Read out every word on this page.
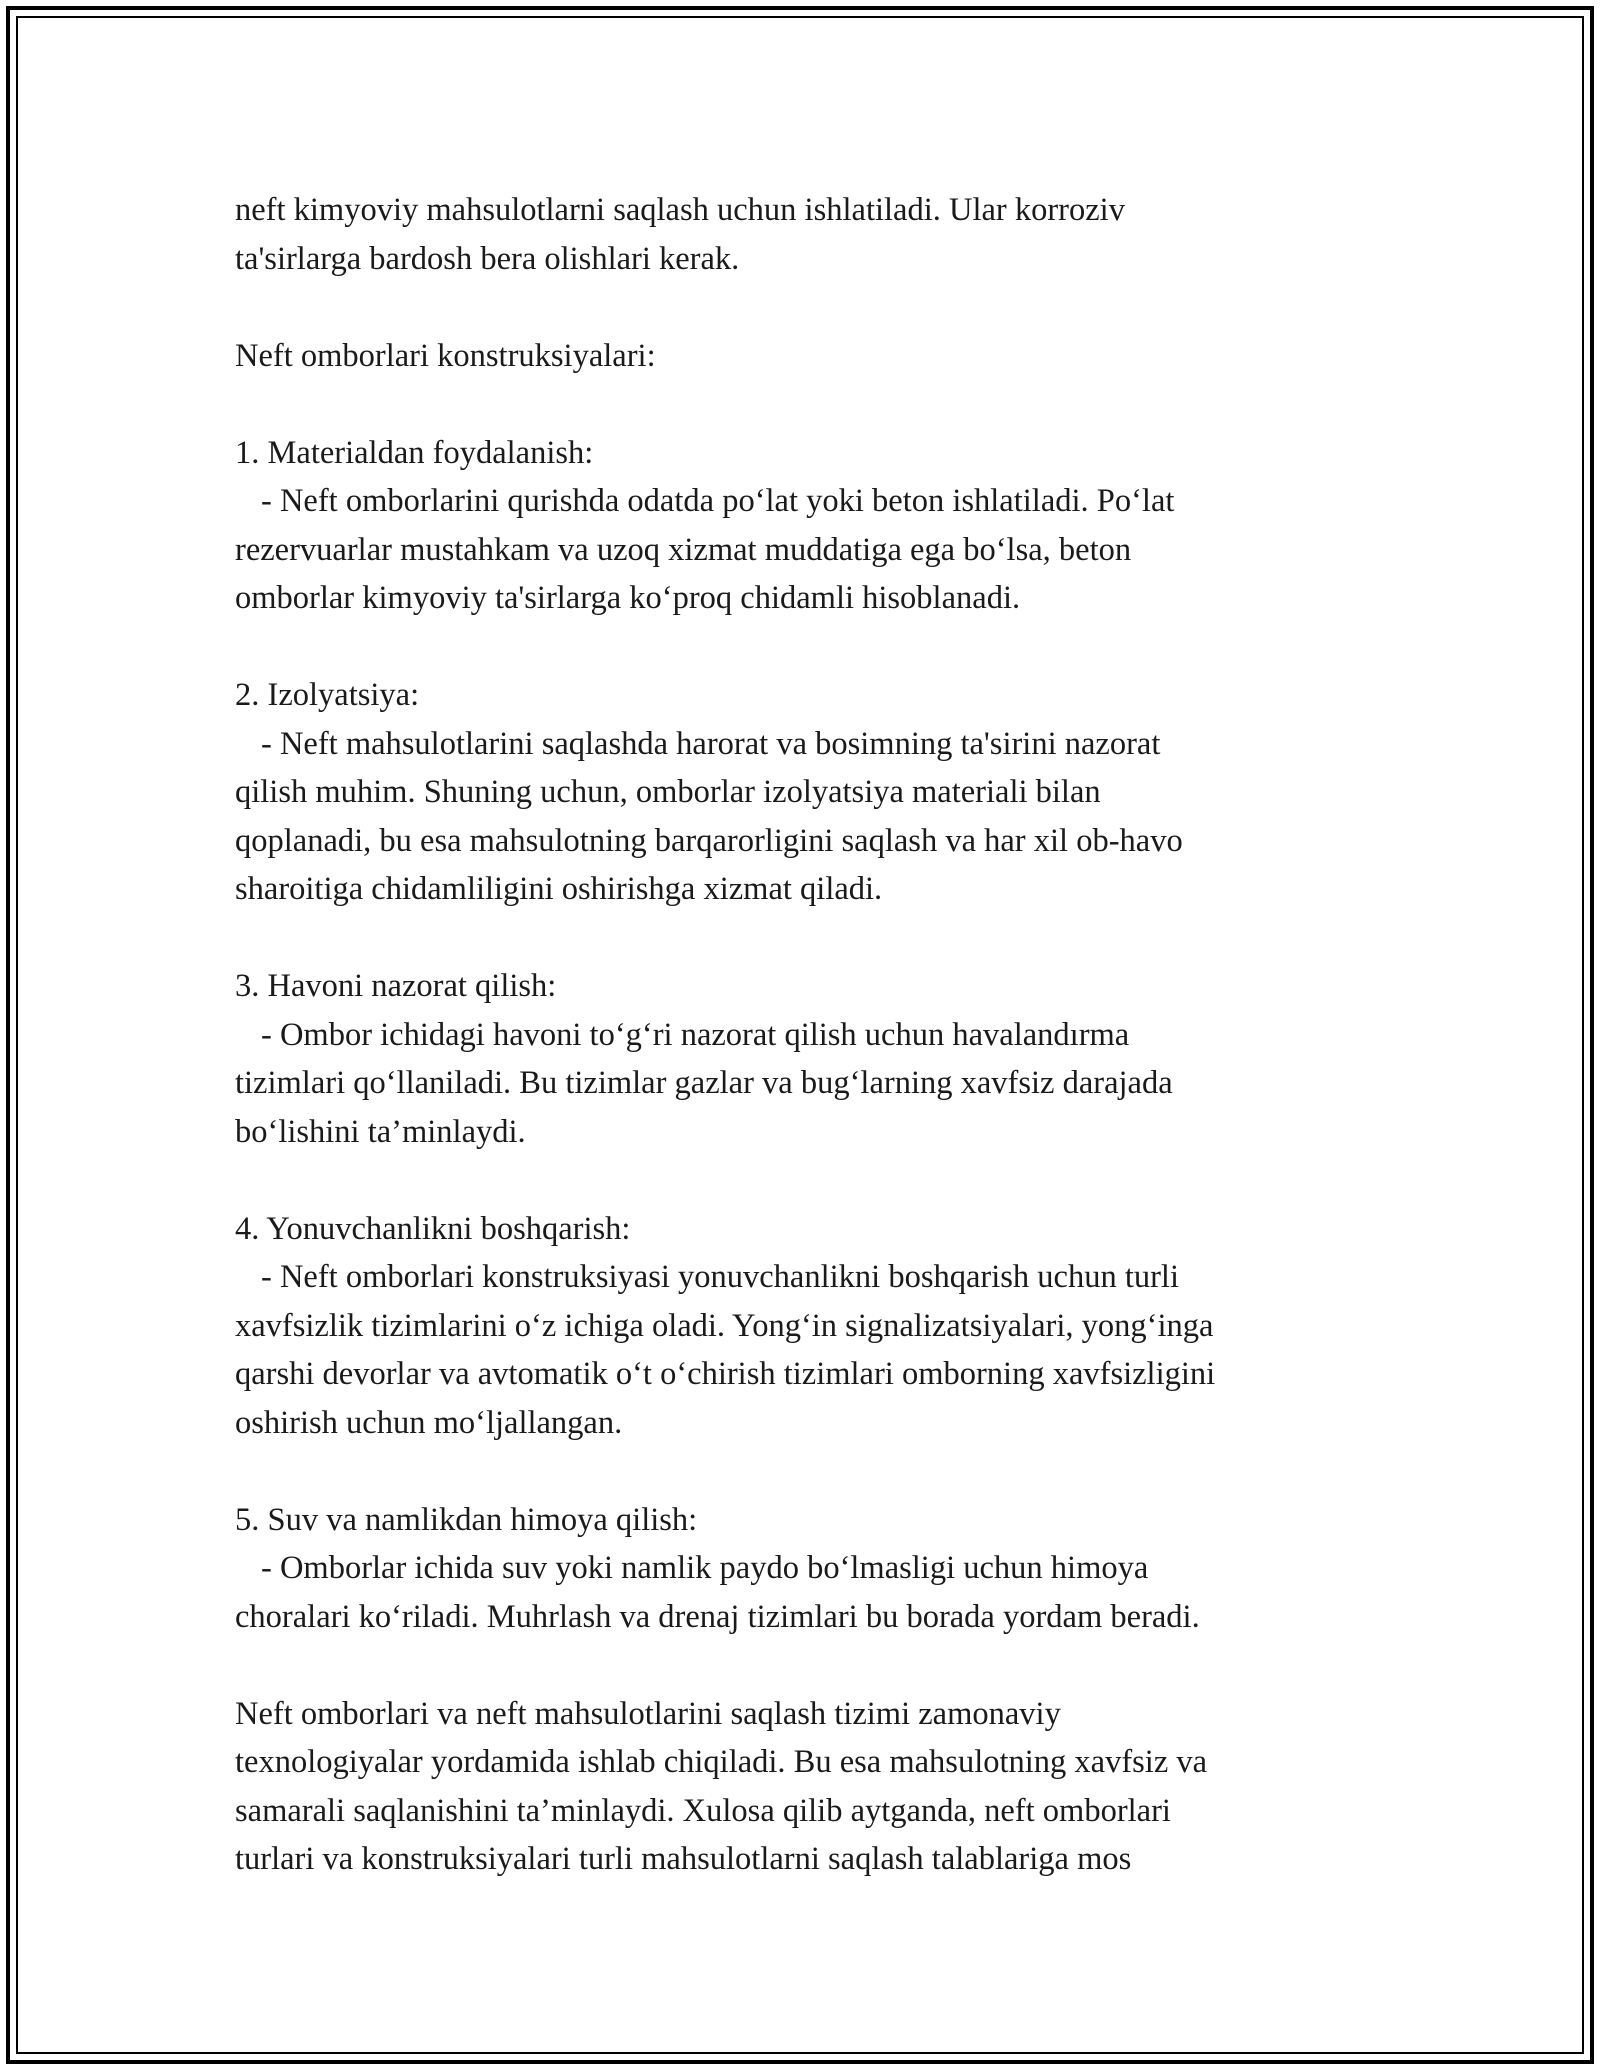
neft kimyoviy mahsulotlarni saqlash uchun ishlatiladi. Ular korroziv
ta'sirlarga bardosh bera olishlari kerak.
Neft omborlari konstruksiyalari:
1. Materialdan foydalanish:
- Neft omborlarini qurishda odatda po‘lat yoki beton ishlatiladi. Po‘lat
rezervuarlar mustahkam va uzoq xizmat muddatiga ega bo‘lsa, beton
omborlar kimyoviy ta'sirlarga ko‘proq chidamli hisoblanadi.
2. Izolyatsiya:
- Neft mahsulotlarini saqlashda harorat va bosimning ta'sirini nazorat
qilish muhim. Shuning uchun, omborlar izolyatsiya materiali bilan
qoplanadi, bu esa mahsulotning barqarorligini saqlash va har xil ob-havo
sharoitiga chidamliligini oshirishga xizmat qiladi.
3. Havoni nazorat qilish:
- Ombor ichidagi havoni to‘g‘ri nazorat qilish uchun havalandırma
tizimlari qo‘llaniladi. Bu tizimlar gazlar va bug‘larning xavfsiz darajada
bo‘lishini ta’minlaydi.
4. Yonuvchanlikni boshqarish:
- Neft omborlari konstruksiyasi yonuvchanlikni boshqarish uchun turli
xavfsizlik tizimlarini o‘z ichiga oladi. Yong‘in signalizatsiyalari, yong‘inga
qarshi devorlar va avtomatik o‘t o‘chirish tizimlari omborning xavfsizligini
oshirish uchun mo‘ljallangan.
5. Suv va namlikdan himoya qilish:
- Omborlar ichida suv yoki namlik paydo bo‘lmasligi uchun himoya
choralari ko‘riladi. Muhrlash va drenaj tizimlari bu borada yordam beradi.
Neft omborlari va neft mahsulotlarini saqlash tizimi zamonaviy
texnologiyalar yordamida ishlab chiqiladi. Bu esa mahsulotning xavfsiz va
samarali saqlanishini ta’minlaydi. Xulosa qilib aytganda, neft omborlari
turlari va konstruksiyalari turli mahsulotlarni saqlash talablariga mos
